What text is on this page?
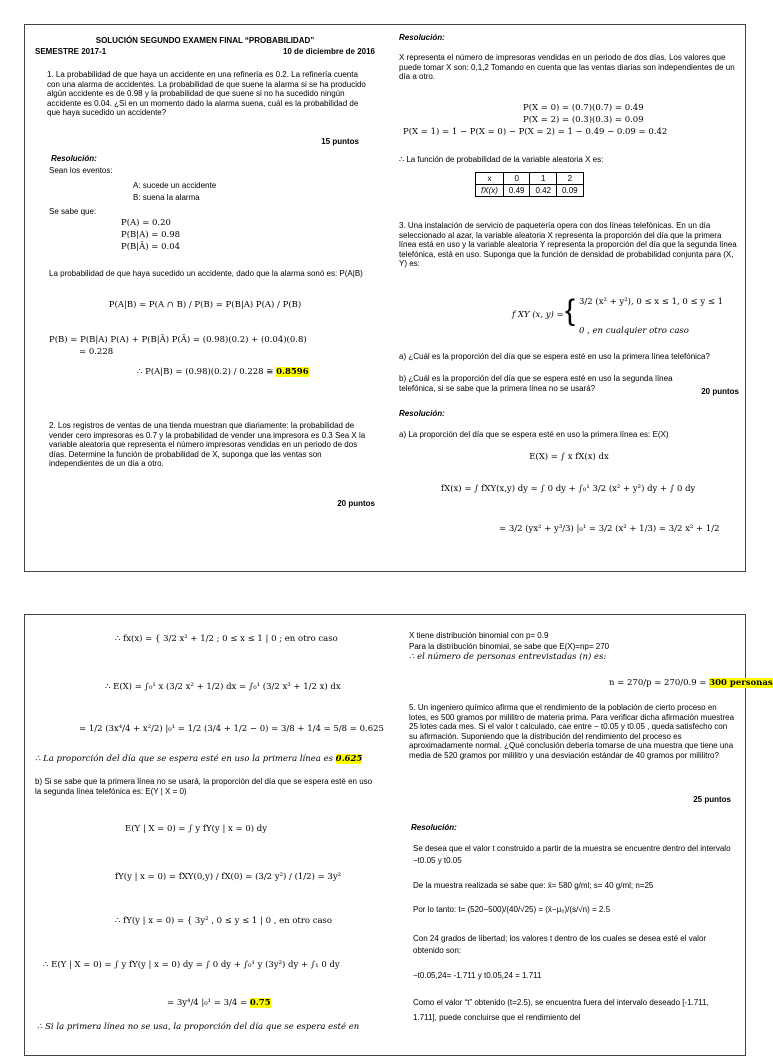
SOLUCIÓN SEGUNDO EXAMEN FINAL “PROBABILIDAD”
SEMESTRE 2017-1	10 de diciembre de 2016
1. La probabilidad de que haya un accidente en una refinería es 0.2. La refinería cuenta con una alarma de accidentes. La probabilidad de que suene la alarma si se ha producido algún accidente es de 0.98 y la probabilidad de que suene si no ha sucedido ningún accidente es 0.04. ¿Si en un momento dado la alarma suena, cuál es la probabilidad de que haya sucedido un accidente?
15 puntos
Resolución:
Sean los eventos:
A: sucede un accidente
B: suena la alarma
Se sabe que:
P(A) = 0.20
P(B|A) = 0.98
P(B|Ā) = 0.04
La probabilidad de que haya sucedido un accidente, dado que la alarma sonó es: P(A|B)
P(A|B) = P(A ∩ B) / P(B) = P(B|A) P(A) / P(B)
P(B) = P(B|A) P(A) + P(B|Ā) P(Ā) = (0.98)(0.2) + (0.04)(0.8)
= 0.228
∴ P(A|B) = (0.98)(0.2) / 0.228 ≅ 0.8596
2. Los registros de ventas de una tienda muestran que diariamente: la probabilidad de vender cero impresoras es 0.7 y la probabilidad de vender una impresora es 0.3 Sea X la variable aleatoria que representa el número impresoras vendidas en un periodo de dos días. Determine la función de probabilidad de X, suponga que las ventas son independientes de un día a otro.
20 puntos
Resolución:
X representa el número de impresoras vendidas en un periodo de dos días. Los valores que puede tomar X son: 0,1,2 Tomando en cuenta que las ventas diarias son independientes de un día a otro.
P(X = 0) = (0.7)(0.7) = 0.49
P(X = 2) = (0.3)(0.3) = 0.09
P(X = 1) = 1 − P(X = 0) − P(X = 2) = 1 − 0.49 − 0.09 = 0.42
∴ La función de probabilidad de la variable aleatoria X es:
x	0	1	2
fX(x)	0.49	0.42	0.09
3. Una instalación de servicio de paquetería opera con dos líneas telefónicas. En un día seleccionado al azar, la variable aleatoria X representa la proporción del día que la primera línea está en uso y la variable aleatoria Y representa la proporción del día que la segunda línea telefónica, está en uso. Suponga que la función de densidad de probabilidad conjunta para (X, Y) es:
f XY (x, y) = { 3/2 (x² + y²), 0 ≤ x ≤ 1, 0 ≤ y ≤ 1
0 , en cualquier otro caso
a) ¿Cuál es la proporción del día que se espera esté en uso la primera línea telefónica?
b) ¿Cuál es la proporción del día que se espera esté en uso la segunda línea telefónica, si se sabe que la primera línea no se usará?	20 puntos
Resolución:
a) La proporción del día que se espera esté en uso la primera línea es: E(X)
E(X) = ∫ x fX(x) dx
fX(x) = ∫ fXY(x,y) dy = ∫ 0 dy + ∫₀¹ 3/2 (x² + y²) dy + ∫ 0 dy
= 3/2 (yx² + y³/3) |₀¹ = 3/2 (x² + 1/3) = 3/2 x² + 1/2
∴ fx(x) = { 3/2 x² + 1/2 ; 0 ≤ x ≤ 1 | 0 ; en otro caso
∴ E(X) = ∫₀¹ x (3/2 x² + 1/2) dx = ∫₀¹ (3/2 x³ + 1/2 x) dx
= 1/2 (3x⁴/4 + x²/2) |₀¹ = 1/2 (3/4 + 1/2 − 0) = 3/8 + 1/4 = 5/8 = 0.625
∴ La proporción del día que se espera esté en uso la primera línea es 0.625
b) Si se sabe que la primera línea no se usará, la proporción del día que se espera esté en uso la segunda línea telefónica es: E(Y | X = 0)
E(Y | X = 0) = ∫ y fY(y | x = 0) dy
fY(y | x = 0) = fXY(0,y) / fX(0) = (3/2 y²) / (1/2) = 3y²
∴ fY(y | x = 0) = { 3y² , 0 ≤ y ≤ 1 | 0 , en otro caso
∴ E(Y | X = 0) = ∫ y fY(y | x = 0) dy = ∫ 0 dy + ∫₀¹ y (3y²) dy + ∫₁ 0 dy
= 3y⁴/4 |₀¹ = 3/4 = 0.75
∴ Si la primera línea no se usa, la proporción del día que se espera esté en
X tiene distribución binomial con p= 0.9
Para la distribución binomial, se sabe que E(X)=np= 270
∴ el número de personas entrevistadas (n) es:
n = 270/p = 270/0.9 = 300 personas
5. Un ingeniero químico afirma que el rendimiento de la población de cierto proceso en lotes, es 500 gramos por mililitro de materia prima. Para verificar dicha afirmación muestrea 25 lotes cada mes. Si el valor t calculado, cae entre − t0.05 y t0.05 , queda satisfecho con su afirmación. Suponiendo que la distribución del rendimiento del proceso es aproximadamente normal. ¿Qué conclusión debería tomarse de una muestra que tiene una media de 520 gramos por mililitro y una desviación estándar de 40 gramos por mililitro?
25 puntos
Resolución:
Se desea que el valor t construido a partir de la muestra se encuentre dentro del intervalo −t0.05 y t0.05
De la muestra realizada se sabe que: x̄= 580 g/ml; s= 40 g/ml; n=25
Por lo tanto: t= (520−500)/(40/√25) = (x̄−μ₀)/(s/√n) = 2.5
Con 24 grados de libertad; los valores t dentro de los cuales se desea esté el valor obtenido son:
−t0.05,24= -1.711 y t0.05,24 = 1.711
Como el valor “t” obtenido (t=2.5), se encuentra fuera del intervalo deseado [-1.711, 1.711], puede concluirse que el rendimiento del
